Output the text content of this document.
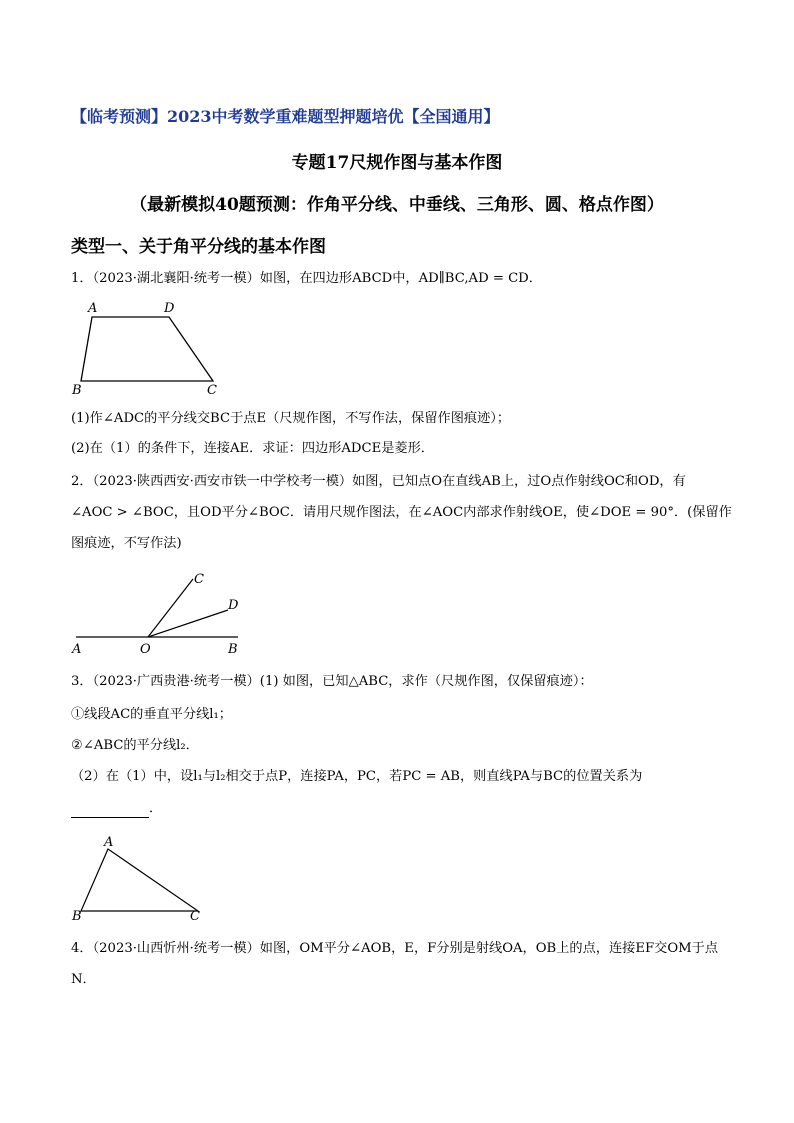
【临考预测】2023中考数学重难题型押题培优【全国通用】
专题17尺规作图与基本作图
（最新模拟40题预测：作角平分线、中垂线、三角形、圆、格点作图）
类型一、关于角平分线的基本作图
1．（2023·湖北襄阳·统考一模）如图，在四边形ABCD中，AD∥BC,AD = CD．
A	D
B	C
(1)作∠ADC的平分线交BC于点E（尺规作图，不写作法，保留作图痕迹）；
(2)在（1）的条件下，连接AE．求证：四边形ADCE是菱形．
2．（2023·陕西西安·西安市铁一中学校考一模）如图，已知点O在直线AB上，过O点作射线OC和OD，有
∠AOC > ∠BOC，且OD平分∠BOC．请用尺规作图法，在∠AOC内部求作射线OE，使∠DOE = 90°．(保留作
图痕迹，不写作法)
C
D
A	O	B
3．（2023·广西贵港·统考一模）(1) 如图，已知△ABC，求作（尺规作图，仅保留痕迹）：
①线段AC的垂直平分线l₁；
②∠ABC的平分线l₂．
（2）在（1）中，设l₁与l₂相交于点P，连接PA，PC，若PC = AB，则直线PA与BC的位置关系为
．
A
B	C
4．（2023·山西忻州·统考一模）如图，OM平分∠AOB，E，F分别是射线OA，OB上的点，连接EF交OM于点
N．
